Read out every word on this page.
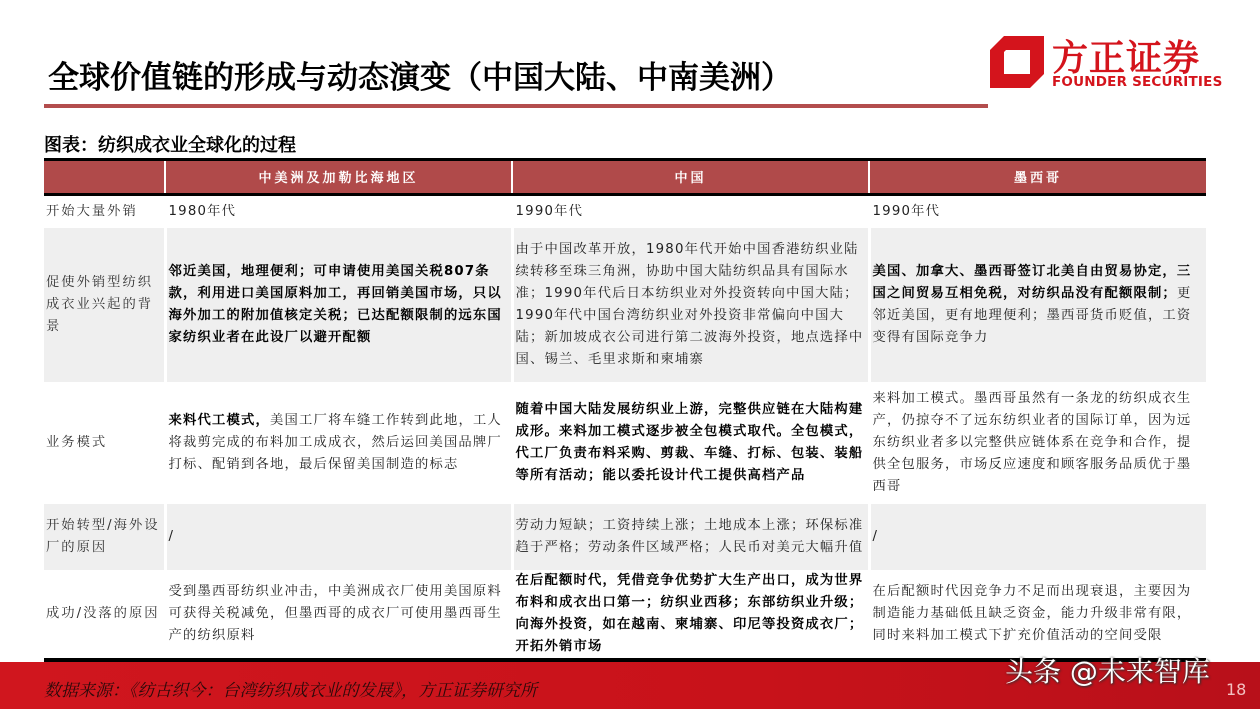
全球价值链的形成与动态演变（中国大陆、中南美洲）	方正证券
FOUNDER SECURITIES
图表：纺织成衣业全球化的过程
	中美洲及加勒比海地区	中国	墨西哥
开始大量外销	1980年代	1990年代	1990年代
促使外销型纺织成衣业兴起的背景	邻近美国，地理便利；可申请使用美国关税807条款，利用进口美国原料加工，再回销美国市场，只以海外加工的附加值核定关税；已达配额限制的远东国家纺织业者在此设厂以避开配额	由于中国改革开放，1980年代开始中国香港纺织业陆续转移至珠三角洲，协助中国大陆纺织品具有国际水准；1990年代后日本纺织业对外投资转向中国大陆；1990年代中国台湾纺织业对外投资非常偏向中国大陆；新加坡成衣公司进行第二波海外投资，地点选择中国、锡兰、毛里求斯和柬埔寨	美国、加拿大、墨西哥签订北美自由贸易协定，三国之间贸易互相免税，对纺织品没有配额限制；更邻近美国，更有地理便利；墨西哥货币贬值，工资变得有国际竞争力
业务模式	来料代工模式，美国工厂将车缝工作转到此地，工人将裁剪完成的布料加工成成衣，然后运回美国品牌厂打标、配销到各地，最后保留美国制造的标志	随着中国大陆发展纺织业上游，完整供应链在大陆构建成形。来料加工模式逐步被全包模式取代。全包模式，代工厂负责布料采购、剪裁、车缝、打标、包装、装船等所有活动；能以委托设计代工提供高档产品	来料加工模式。墨西哥虽然有一条龙的纺织成衣生产，仍掠夺不了远东纺织业者的国际订单，因为远东纺织业者多以完整供应链体系在竞争和合作，提供全包服务，市场反应速度和顾客服务品质优于墨西哥
开始转型/海外设厂的原因	/	劳动力短缺；工资持续上涨；土地成本上涨；环保标准趋于严格；劳动条件区域严格；人民币对美元大幅升值	/
成功/没落的原因	受到墨西哥纺织业冲击，中美洲成衣厂使用美国原料可获得关税减免，但墨西哥的成衣厂可使用墨西哥生产的纺织原料	在后配额时代，凭借竞争优势扩大生产出口，成为世界布料和成衣出口第一；纺织业西移；东部纺织业升级；向海外投资，如在越南、柬埔寨、印尼等投资成衣厂；开拓外销市场	在后配额时代因竞争力不足而出现衰退，主要因为制造能力基础低且缺乏资金，能力升级非常有限，同时来料加工模式下扩充价值活动的空间受限
数据来源：《纺古织今：台湾纺织成衣业的发展》，方正证券研究所
头条 @未来智库
18
